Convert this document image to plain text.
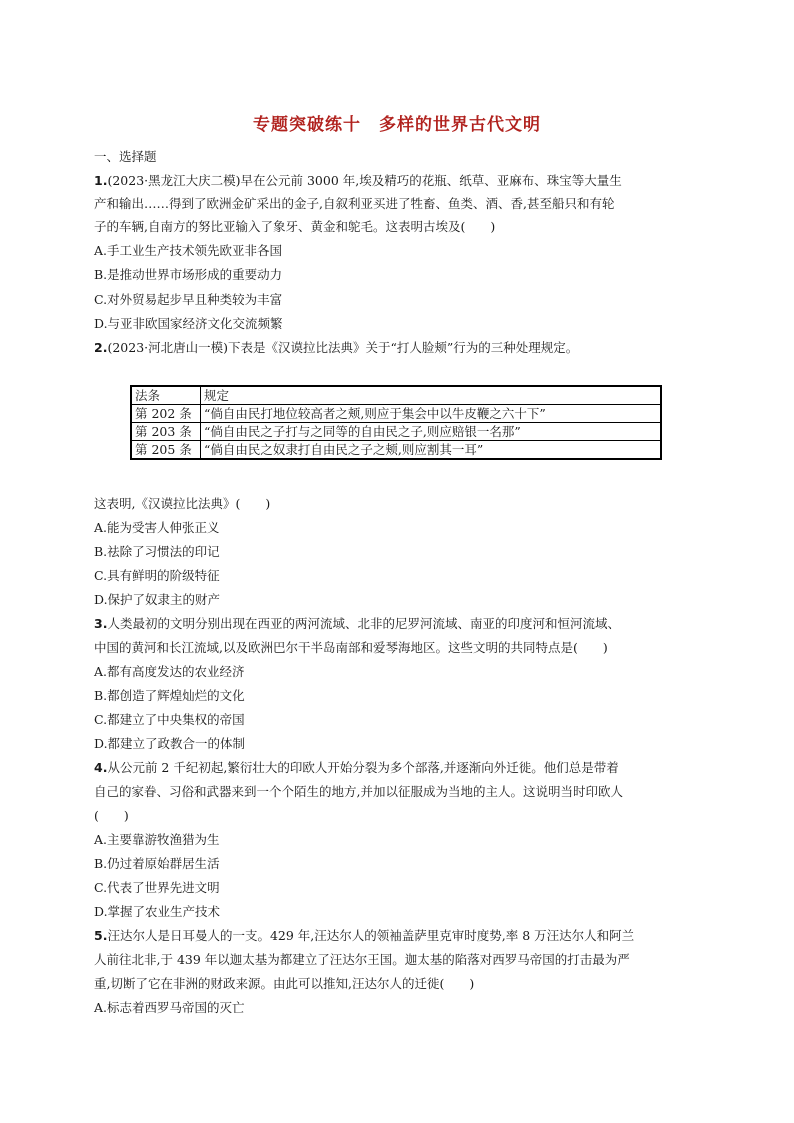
专题突破练十　多样的世界古代文明
一、选择题
1.(2023·黑龙江大庆二模)早在公元前 3000 年,埃及精巧的花瓶、纸草、亚麻布、珠宝等大量生
产和输出……得到了欧洲金矿采出的金子,自叙利亚买进了牲畜、鱼类、酒、香,甚至船只和有轮
子的车辆,自南方的努比亚输入了象牙、黄金和鸵毛。这表明古埃及(　　)
A.手工业生产技术领先欧亚非各国
B.是推动世界市场形成的重要动力
C.对外贸易起步早且种类较为丰富
D.与亚非欧国家经济文化交流频繁
2.(2023·河北唐山一模)下表是《汉谟拉比法典》关于“打人脸颊”行为的三种处理规定。
法条	规定
第 202 条	“倘自由民打地位较高者之颊,则应于集会中以牛皮鞭之六十下”
第 203 条	“倘自由民之子打与之同等的自由民之子,则应赔银一名那”
第 205 条	“倘自由民之奴隶打自由民之子之颊,则应割其一耳”
这表明,《汉谟拉比法典》(　　)
A.能为受害人伸张正义
B.祛除了习惯法的印记
C.具有鲜明的阶级特征
D.保护了奴隶主的财产
3.人类最初的文明分别出现在西亚的两河流域、北非的尼罗河流域、南亚的印度河和恒河流域、
中国的黄河和长江流域,以及欧洲巴尔干半岛南部和爱琴海地区。这些文明的共同特点是(　　)
A.都有高度发达的农业经济
B.都创造了辉煌灿烂的文化
C.都建立了中央集权的帝国
D.都建立了政教合一的体制
4.从公元前 2 千纪初起,繁衍壮大的印欧人开始分裂为多个部落,并逐渐向外迁徙。他们总是带着
自己的家眷、习俗和武器来到一个个陌生的地方,并加以征服成为当地的主人。这说明当时印欧人
(　　)
A.主要靠游牧渔猎为生
B.仍过着原始群居生活
C.代表了世界先进文明
D.掌握了农业生产技术
5.汪达尔人是日耳曼人的一支。429 年,汪达尔人的领袖盖萨里克审时度势,率 8 万汪达尔人和阿兰
人前往北非,于 439 年以迦太基为都建立了汪达尔王国。迦太基的陷落对西罗马帝国的打击最为严
重,切断了它在非洲的财政来源。由此可以推知,汪达尔人的迁徙(　　)
A.标志着西罗马帝国的灭亡
